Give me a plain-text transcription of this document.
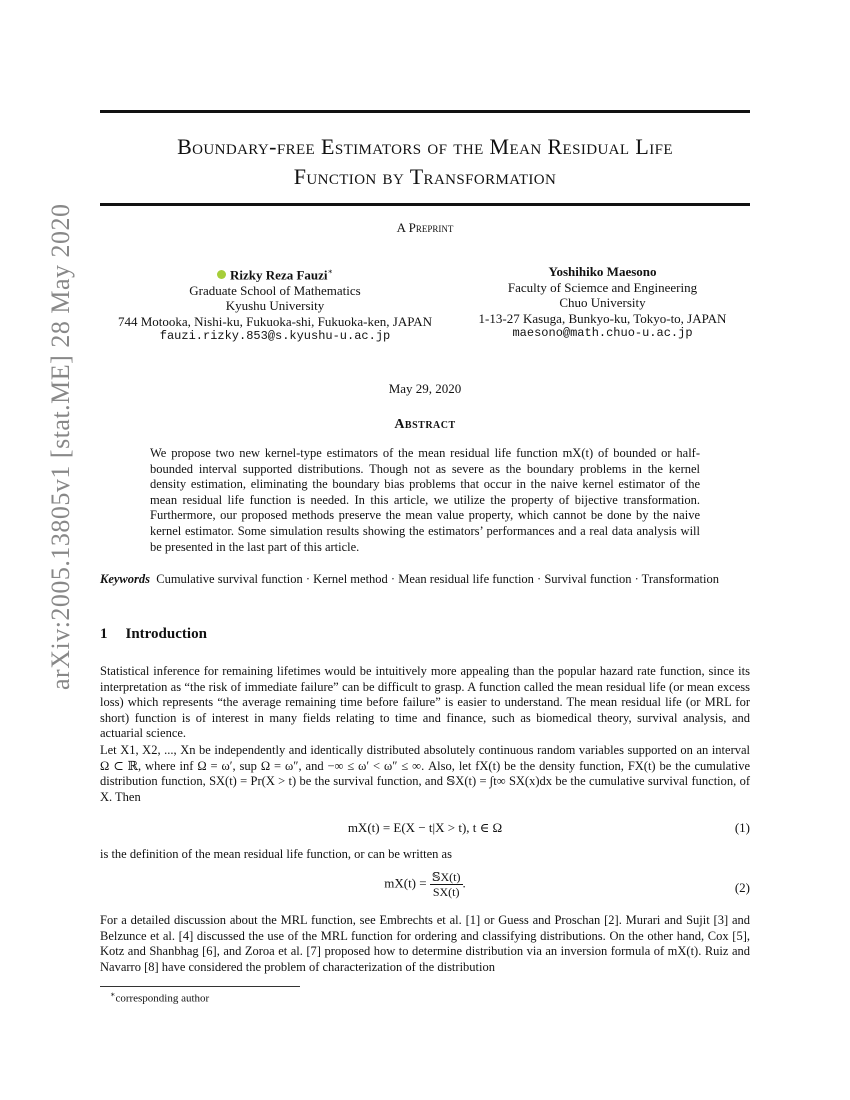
arXiv:2005.13805v1 [stat.ME] 28 May 2020
Boundary-free Estimators of the Mean Residual Life
Function by Transformation
A Preprint
Rizky Reza Fauzi∗
Graduate School of Mathematics
Kyushu University
744 Motooka, Nishi-ku, Fukuoka-shi, Fukuoka-ken, JAPAN
fauzi.rizky.853@s.kyushu-u.ac.jp
Yoshihiko Maesono
Faculty of Sciemce and Engineering
Chuo University
1-13-27 Kasuga, Bunkyo-ku, Tokyo-to, JAPAN
maesono@math.chuo-u.ac.jp
May 29, 2020
Abstract
We propose two new kernel-type estimators of the mean residual life function mX(t) of bounded or half-bounded interval supported distributions. Though not as severe as the boundary problems in the kernel density estimation, eliminating the boundary bias problems that occur in the naive kernel estimator of the mean residual life function is needed. In this article, we utilize the property of bijective transformation. Furthermore, our proposed methods preserve the mean value property, which cannot be done by the naive kernel estimator. Some simulation results showing the estimators’ performances and a real data analysis will be presented in the last part of this article.
Keywords Cumulative survival function · Kernel method · Mean residual life function · Survival function · Transformation
1 Introduction
Statistical inference for remaining lifetimes would be intuitively more appealing than the popular hazard rate function, since its interpretation as “the risk of immediate failure” can be difficult to grasp. A function called the mean residual life (or mean excess loss) which represents “the average remaining time before failure” is easier to understand. The mean residual life (or MRL for short) function is of interest in many fields relating to time and finance, such as biomedical theory, survival analysis, and actuarial science.
Let X1, X2, ..., Xn be independently and identically distributed absolutely continuous random variables supported on an interval Ω ⊂ ℝ, where inf Ω = ω′, sup Ω = ω″, and −∞ ≤ ω′ < ω″ ≤ ∞. Also, let fX(t) be the density function, FX(t) be the cumulative distribution function, SX(t) = Pr(X > t) be the survival function, and 𝕊X(t) = ∫t∞ SX(x)dx be the cumulative survival function, of X. Then
mX(t) = E(X − t|X > t), t ∈ Ω	(1)
is the definition of the mean residual life function, or can be written as
$mX(t) = \frac{\text{𝕊X(t)}}{SX(t)}$ .	(2)
For a detailed discussion about the MRL function, see Embrechts et al. [1] or Guess and Proschan [2]. Murari and Sujit [3] and Belzunce et al. [4] discussed the use of the MRL function for ordering and classifying distributions. On the other hand, Cox [5], Kotz and Shanbhag [6], and Zoroa et al. [7] proposed how to determine distribution via an inversion formula of mX(t). Ruiz and Navarro [8] have considered the problem of characterization of the distribution
∗corresponding author
